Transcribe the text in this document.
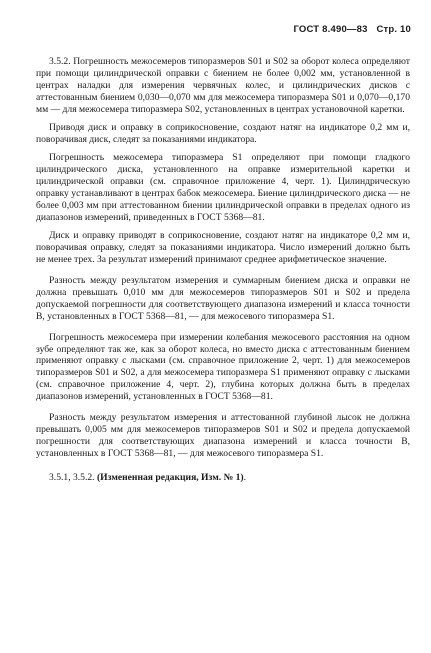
ГОСТ 8.490—83 Стр. 10

3.5.2. Погрешность межосемеров типоразмеров S01 и S02 за оборот колеса определяют при помощи цилиндрической оправки с биением не более 0,002 мм, установленной в центрах наладки для измерения червячных колес, и цилиндрических дисков с аттестованным биением 0,030—0,070 мм для межосемера типоразмера S01 и 0,070—0,170 мм — для межосемера типоразмера S02, установленных в центрах установочной каретки.

Приводя диск и оправку в соприкосновение, создают натяг на индикаторе 0,2 мм и, поворачивая диск, следят за показаниями индикатора.

Погрешность межосемера типоразмера S1 определяют при помощи гладкого цилиндрического диска, установленного на оправке измерительной каретки и цилиндрической оправки (см. справочное приложение 4, черт. 1). Цилиндрическую оправку устанавливают в центрах бабок межосемера. Биение цилиндрического диска — не более 0,003 мм при аттестованном биении цилиндрической оправки в пределах одного из диапазонов измерений, приведенных в ГОСТ 5368—81.

Диск и оправку приводят в соприкосновение, создают натяг на индикаторе 0,2 мм и, поворачивая оправку, следят за показаниями индикатора. Число измерений должно быть не менее трех. За результат измерений принимают среднее арифметическое значение.

Разность между результатом измерения и суммарным биением диска и оправки не должна превышать 0,010 мм для межосемеров типоразмеров S01 и S02 и предела допускаемой погрешности для соответствующего диапазона измерений и класса точности В, установленных в ГОСТ 5368—81, — для межосевого типоразмера S1.

Погрешность межосемера при измерении колебания межосевого расстояния на одном зубе определяют так же, как за оборот колеса, но вместо диска с аттестованным биением применяют оправку с лысками (см. справочное приложение 2, черт. 1) для межосемеров типоразмеров S01 и S02, а для межосемера типоразмера S1 применяют оправку с лысками (см. справочное приложение 4, черт. 2), глубина которых должна быть в пределах диапазонов измерений, установленных в ГОСТ 5368—81.

Разность между результатом измерения и аттестованной глубиной лысок не должна превышать 0,005 мм для межосемеров типоразмеров S01 и S02 и предела допускаемой погрешности для соответствующих диапазона измерений и класса точности В, установленных в ГОСТ 5368—81, — для межосевого типоразмера S1.

3.5.1, 3.5.2. (Измененная редакция, Изм. № 1).
